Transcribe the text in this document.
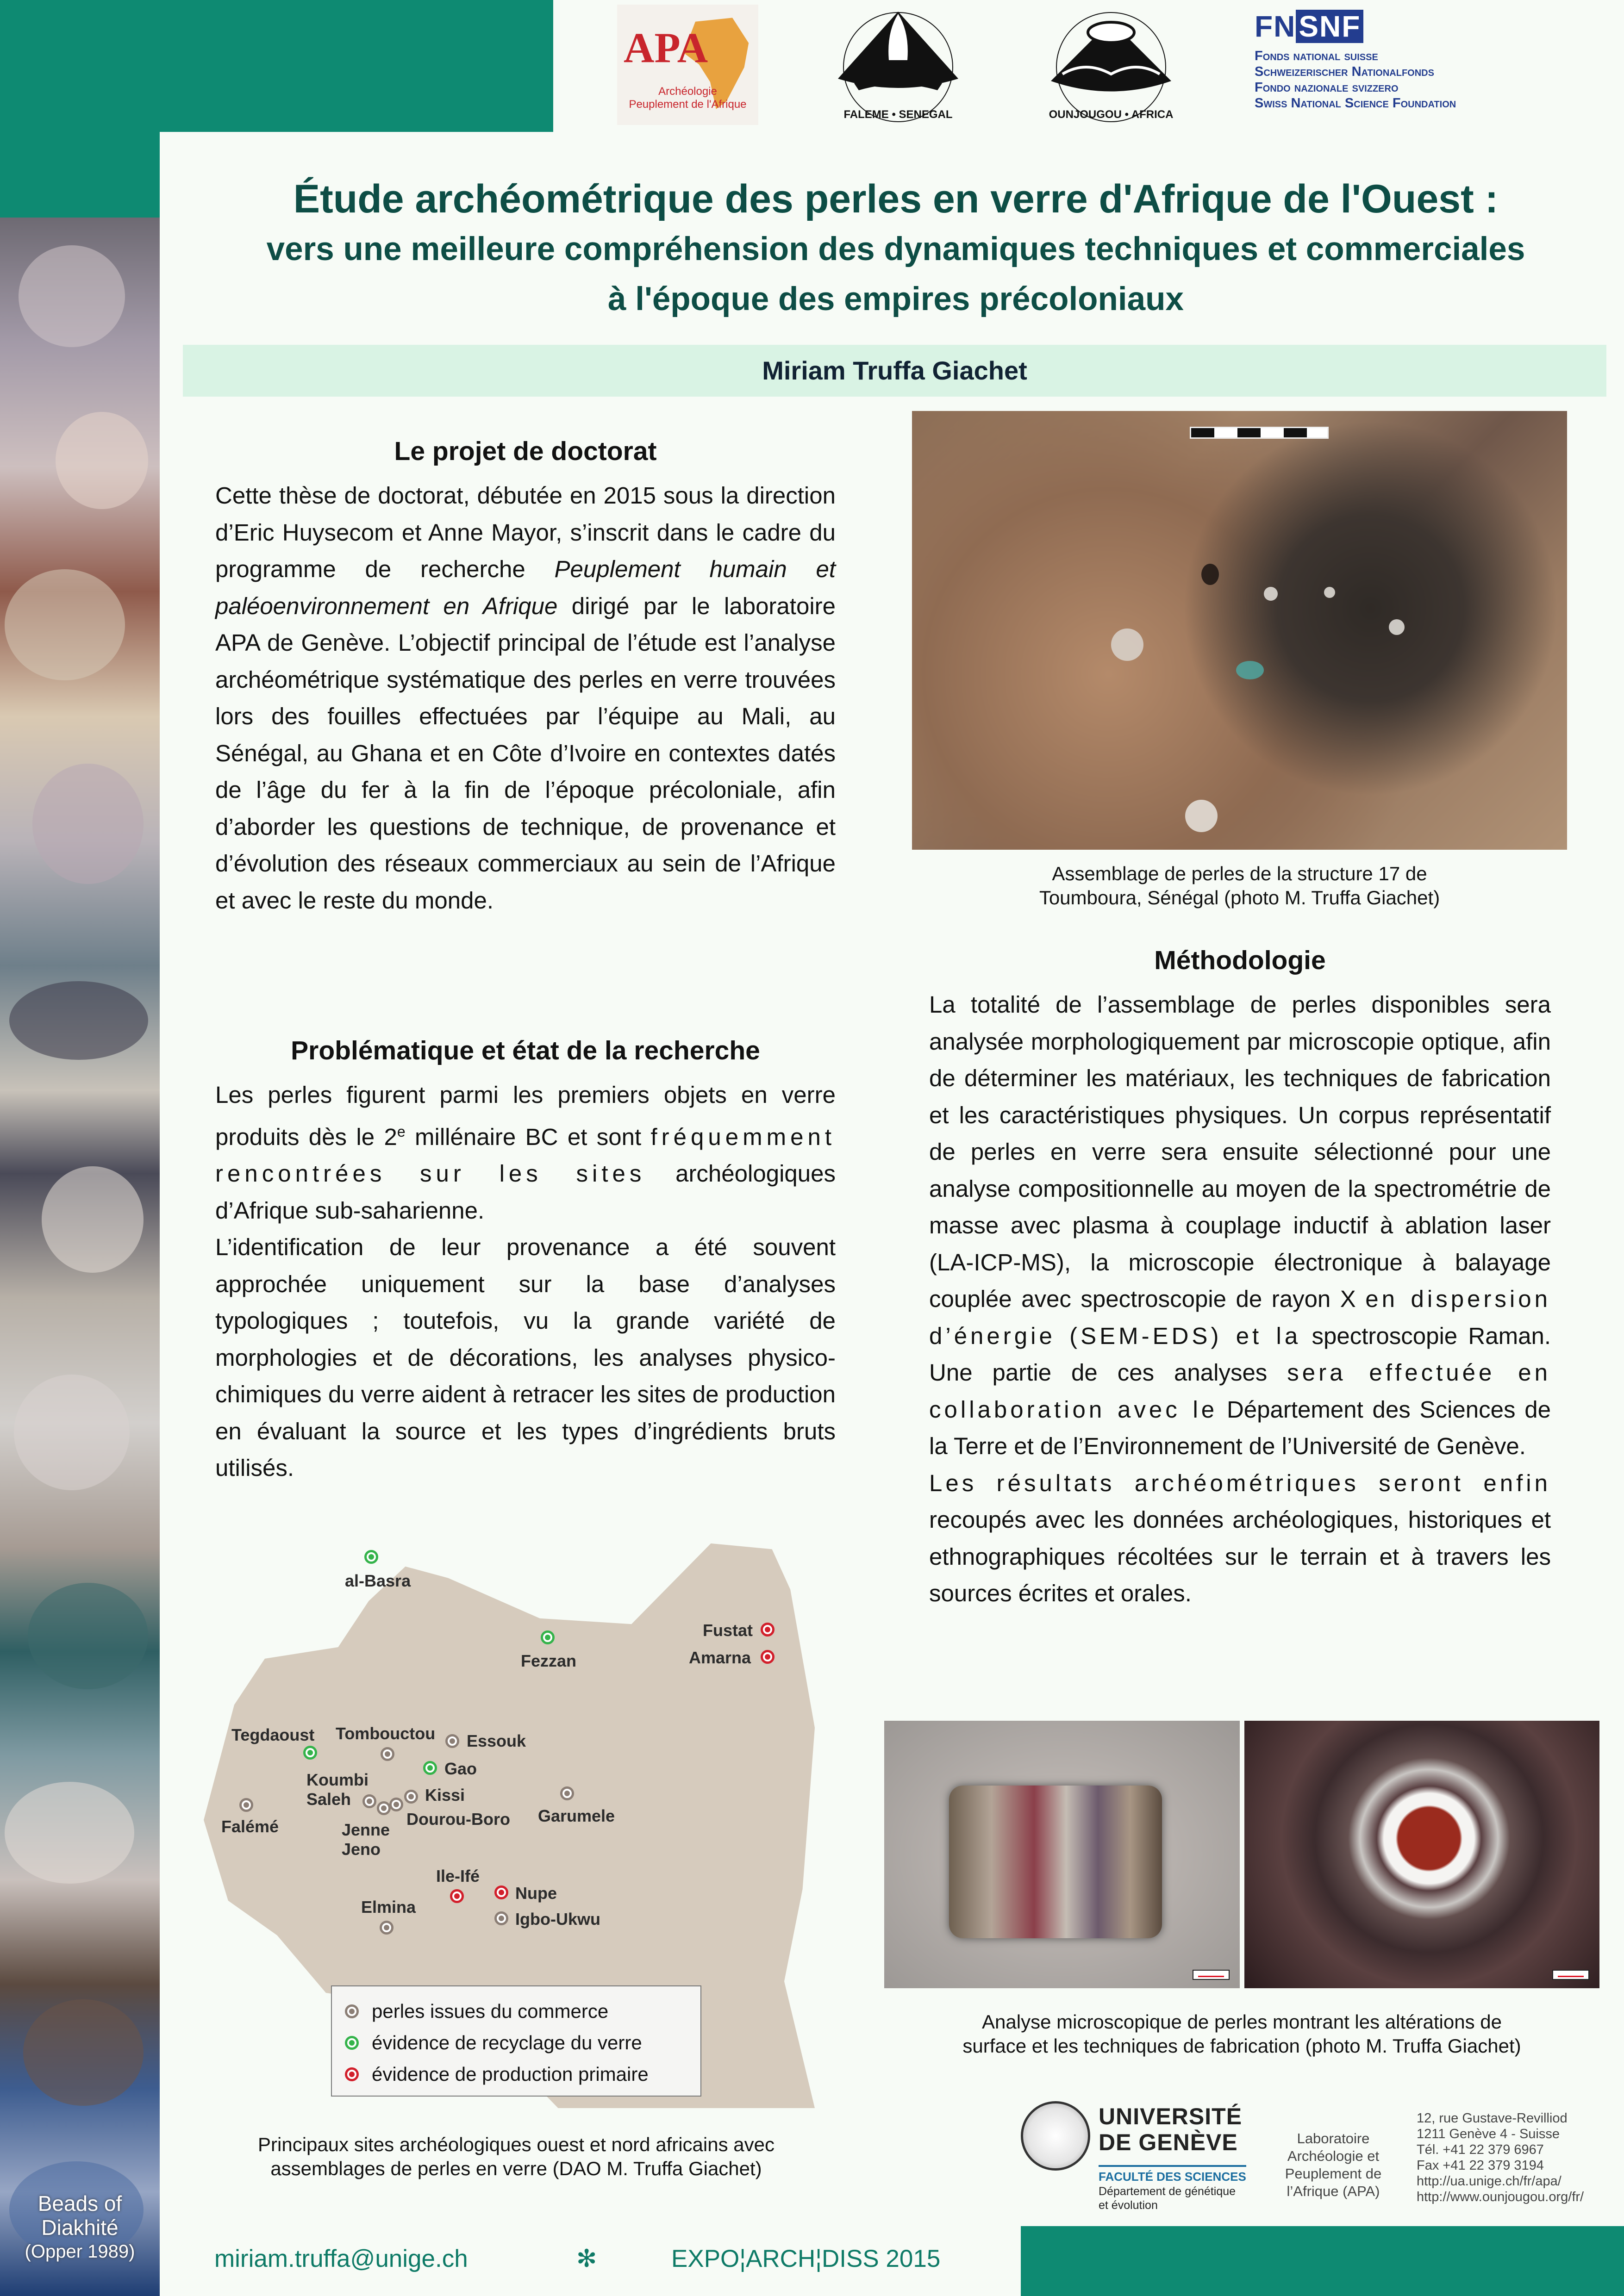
Beads of
Diakhité
(Opper 1989)
APA
Archéologie
Peuplement de l'Afrique
FALEME • SENEGAL	OUNJOUGOU • AFRICA
FNSNF
Fonds national suisse
Schweizerischer Nationalfonds
Fondo nazionale svizzero
Swiss National Science Foundation
Étude archéométrique des perles en verre d'Afrique de l'Ouest :
vers une meilleure compréhension des dynamiques techniques et commerciales
à l'époque des empires précoloniaux
Miriam Truffa Giachet
Le projet de doctorat

Cette thèse de doctorat, débutée en 2015 sous la direction d’Eric Huysecom et Anne Mayor, s’inscrit dans le cadre du programme de recherche Peuplement humain et paléoenvironnement en Afrique dirigé par le laboratoire APA de Genève. L’objectif principal de l’étude est l’analyse archéométrique systématique des perles en verre trouvées lors des fouilles effectuées par l’équipe au Mali, au Sénégal, au Ghana et en Côte d’Ivoire en contextes datés de l’âge du fer à la fin de l’époque précoloniale, afin d’aborder les questions de technique, de provenance et d’évolution des réseaux commerciaux au sein de l’Afrique et avec le reste du monde.

Problématique et état de la recherche

Les perles figurent parmi les premiers objets en verre produits dès le 2e millénaire BC et sont fréquemment rencontrées sur les sites archéologiques d’Afrique sub-saharienne.

L’identification de leur provenance a été souvent approchée uniquement sur la base d’analyses typologiques ; toutefois, vu la grande variété de morphologies et de décorations, les analyses physico-chimiques du verre aident à retracer les sites de production en évaluant la source et les types d’ingrédients bruts utilisés.

Assemblage de perles de la structure 17 de
Toumboura, Sénégal (photo M. Truffa Giachet)
Méthodologie

La totalité de l’assemblage de perles disponibles sera analysée morphologiquement par microscopie optique, afin de déterminer les matériaux, les techniques de fabrication et les caractéristiques physiques. Un corpus représentatif de perles en verre sera ensuite sélectionné pour une analyse compositionnelle au moyen de la spectrométrie de masse avec plasma à couplage inductif à ablation laser (LA-ICP-MS), la microscopie électronique à balayage couplée avec spectroscopie de rayon X en dispersion d’énergie (SEM-EDS) et la spectroscopie Raman. Une partie de ces analyses sera effectuée en collaboration avec le Département des Sciences de la Terre et de l’Environnement de l’Université de Genève.

Les résultats archéométriques seront enfin recoupés avec les données archéologiques, historiques et ethnographiques récoltées sur le terrain et à travers les sources écrites et orales.

al-Basra
Fezzan
Fustat
Amarna
Tegdaoust Tombouctou Essouk
Koumbi
Saleh
Gao
Kissi
Dourou-Boro
Falémé	Jenne
Jeno
Garumele
Ile-Ifé
Nupe
Igbo-Ukwu
Elmina
perles issues du commerce
évidence de recyclage du verre
évidence de production primaire
Principaux sites archéologiques ouest et nord africains avec
assemblages de perles en verre (DAO M. Truffa Giachet)
Analyse microscopique de perles montrant les altérations de
surface et les techniques de fabrication (photo M. Truffa Giachet)
UNIVERSITÉ
DE GENÈVE
FACULTÉ DES SCIENCES
Département de génétique
et évolution
Laboratoire
Archéologie et
Peuplement de
l’Afrique (APA)
12, rue Gustave-Revilliod
1211 Genève 4 - Suisse
Tél. +41 22 379 6967
Fax +41 22 379 3194
http://ua.unige.ch/fr/apa/
http://www.ounjougou.org/fr/
miriam.truffa@unige.ch	✻	EXPO¦ARCH¦DISS 2015
